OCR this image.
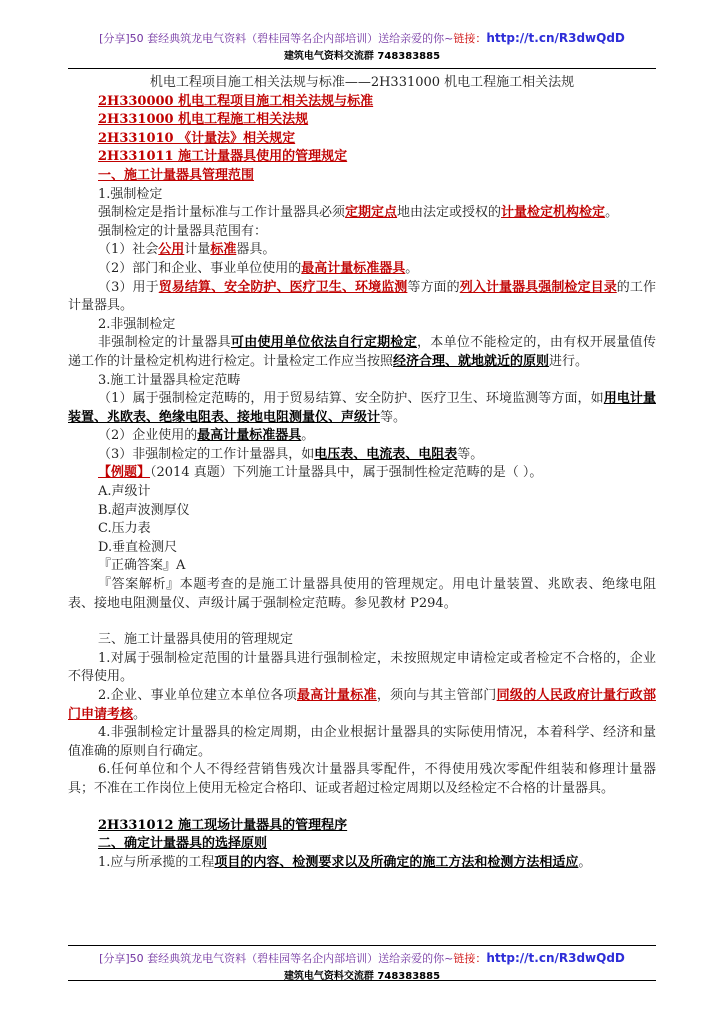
[分享]50 套经典筑龙电气资料（碧桂园等名企内部培训）送给亲爱的你~链接：http://t.cn/R3dwQdD
建筑电气资料交流群 748383885

机电工程项目施工相关法规与标准——2H331000 机电工程施工相关法规

2H330000 机电工程项目施工相关法规与标准

2H331000 机电工程施工相关法规

2H331010 《计量法》相关规定

2H331011 施工计量器具使用的管理规定

一、施工计量器具管理范围

1.强制检定

强制检定是指计量标准与工作计量器具必须定期定点地由法定或授权的计量检定机构检定。

强制检定的计量器具范围有：

（1）社会公用计量标准器具。

（2）部门和企业、事业单位使用的最高计量标准器具。

（3）用于贸易结算、安全防护、医疗卫生、环境监测等方面的列入计量器具强制检定目录的工作计量器具。

2.非强制检定

非强制检定的计量器具可由使用单位依法自行定期检定，本单位不能检定的，由有权开展量值传递工作的计量检定机构进行检定。计量检定工作应当按照经济合理、就地就近的原则进行。

3.施工计量器具检定范畴

（1）属于强制检定范畴的，用于贸易结算、安全防护、医疗卫生、环境监测等方面，如用电计量装置、兆欧表、绝缘电阻表、接地电阻测量仪、声级计等。

（2）企业使用的最高计量标准器具。

（3）非强制检定的工作计量器具，如电压表、电流表、电阻表等。

【例题】（2014 真题）下列施工计量器具中，属于强制性检定范畴的是（ ）。

A.声级计

B.超声波测厚仪

C.压力表

D.垂直检测尺

『正确答案』A

『答案解析』本题考查的是施工计量器具使用的管理规定。用电计量装置、兆欧表、绝缘电阻表、接地电阻测量仪、声级计属于强制检定范畴。参见教材 P294。

三、施工计量器具使用的管理规定

1.对属于强制检定范围的计量器具进行强制检定，未按照规定申请检定或者检定不合格的，企业不得使用。

2.企业、事业单位建立本单位各项最高计量标准，须向与其主管部门同级的人民政府计量行政部门申请考核。

4.非强制检定计量器具的检定周期，由企业根据计量器具的实际使用情况，本着科学、经济和量值准确的原则自行确定。

6.任何单位和个人不得经营销售残次计量器具零配件，不得使用残次零配件组装和修理计量器具；不准在工作岗位上使用无检定合格印、证或者超过检定周期以及经检定不合格的计量器具。

2H331012 施工现场计量器具的管理程序

二、确定计量器具的选择原则

1.应与所承揽的工程项目的内容、检测要求以及所确定的施工方法和检测方法相适应。

[分享]50 套经典筑龙电气资料（碧桂园等名企内部培训）送给亲爱的你~链接：http://t.cn/R3dwQdD
建筑电气资料交流群 748383885
